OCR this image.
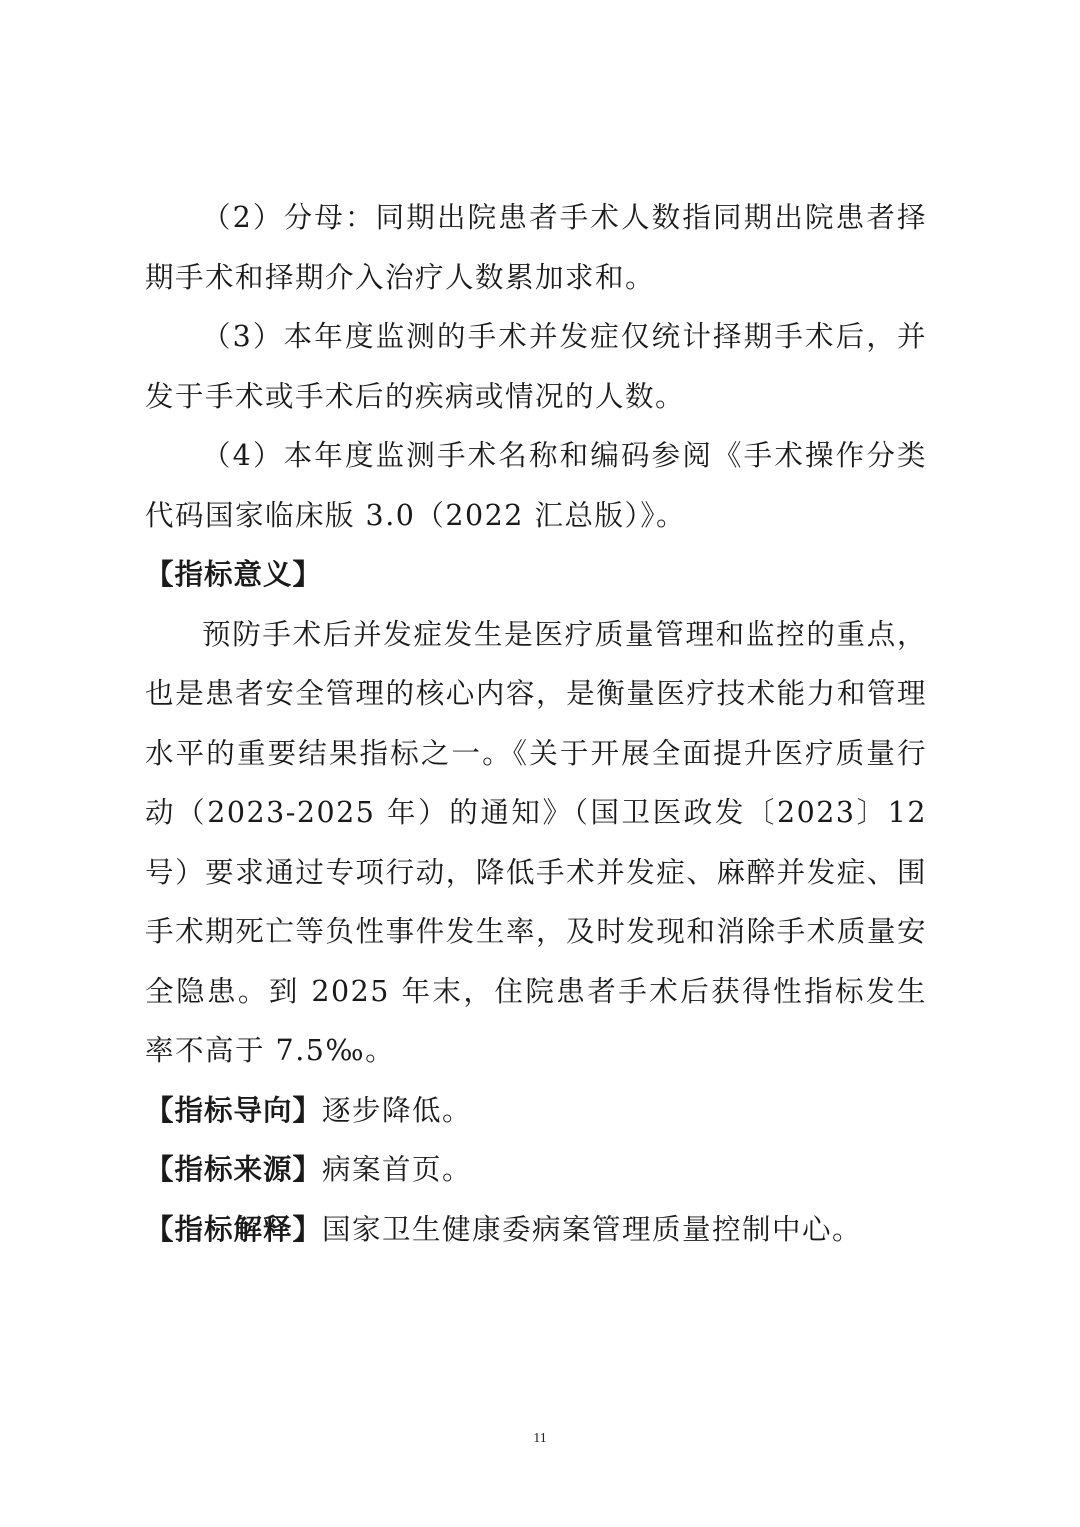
（2）分母：同期出院患者手术人数指同期出院患者择期手术和择期介入治疗人数累加求和。

（3）本年度监测的手术并发症仅统计择期手术后，并发于手术或手术后的疾病或情况的人数。

（4）本年度监测手术名称和编码参阅《手术操作分类代码国家临床版 3.0（2022 汇总版）》。

【指标意义】

预防手术后并发症发生是医疗质量管理和监控的重点，也是患者安全管理的核心内容，是衡量医疗技术能力和管理水平的重要结果指标之一。《关于开展全面提升医疗质量行动（2023-2025 年）的通知》（国卫医政发〔2023〕12 号）要求通过专项行动，降低手术并发症、麻醉并发症、围手术期死亡等负性事件发生率，及时发现和消除手术质量安全隐患。到 2025 年末，住院患者手术后获得性指标发生率不高于 7.5‰。

【指标导向】逐步降低。

【指标来源】病案首页。

【指标解释】国家卫生健康委病案管理质量控制中心。

11
